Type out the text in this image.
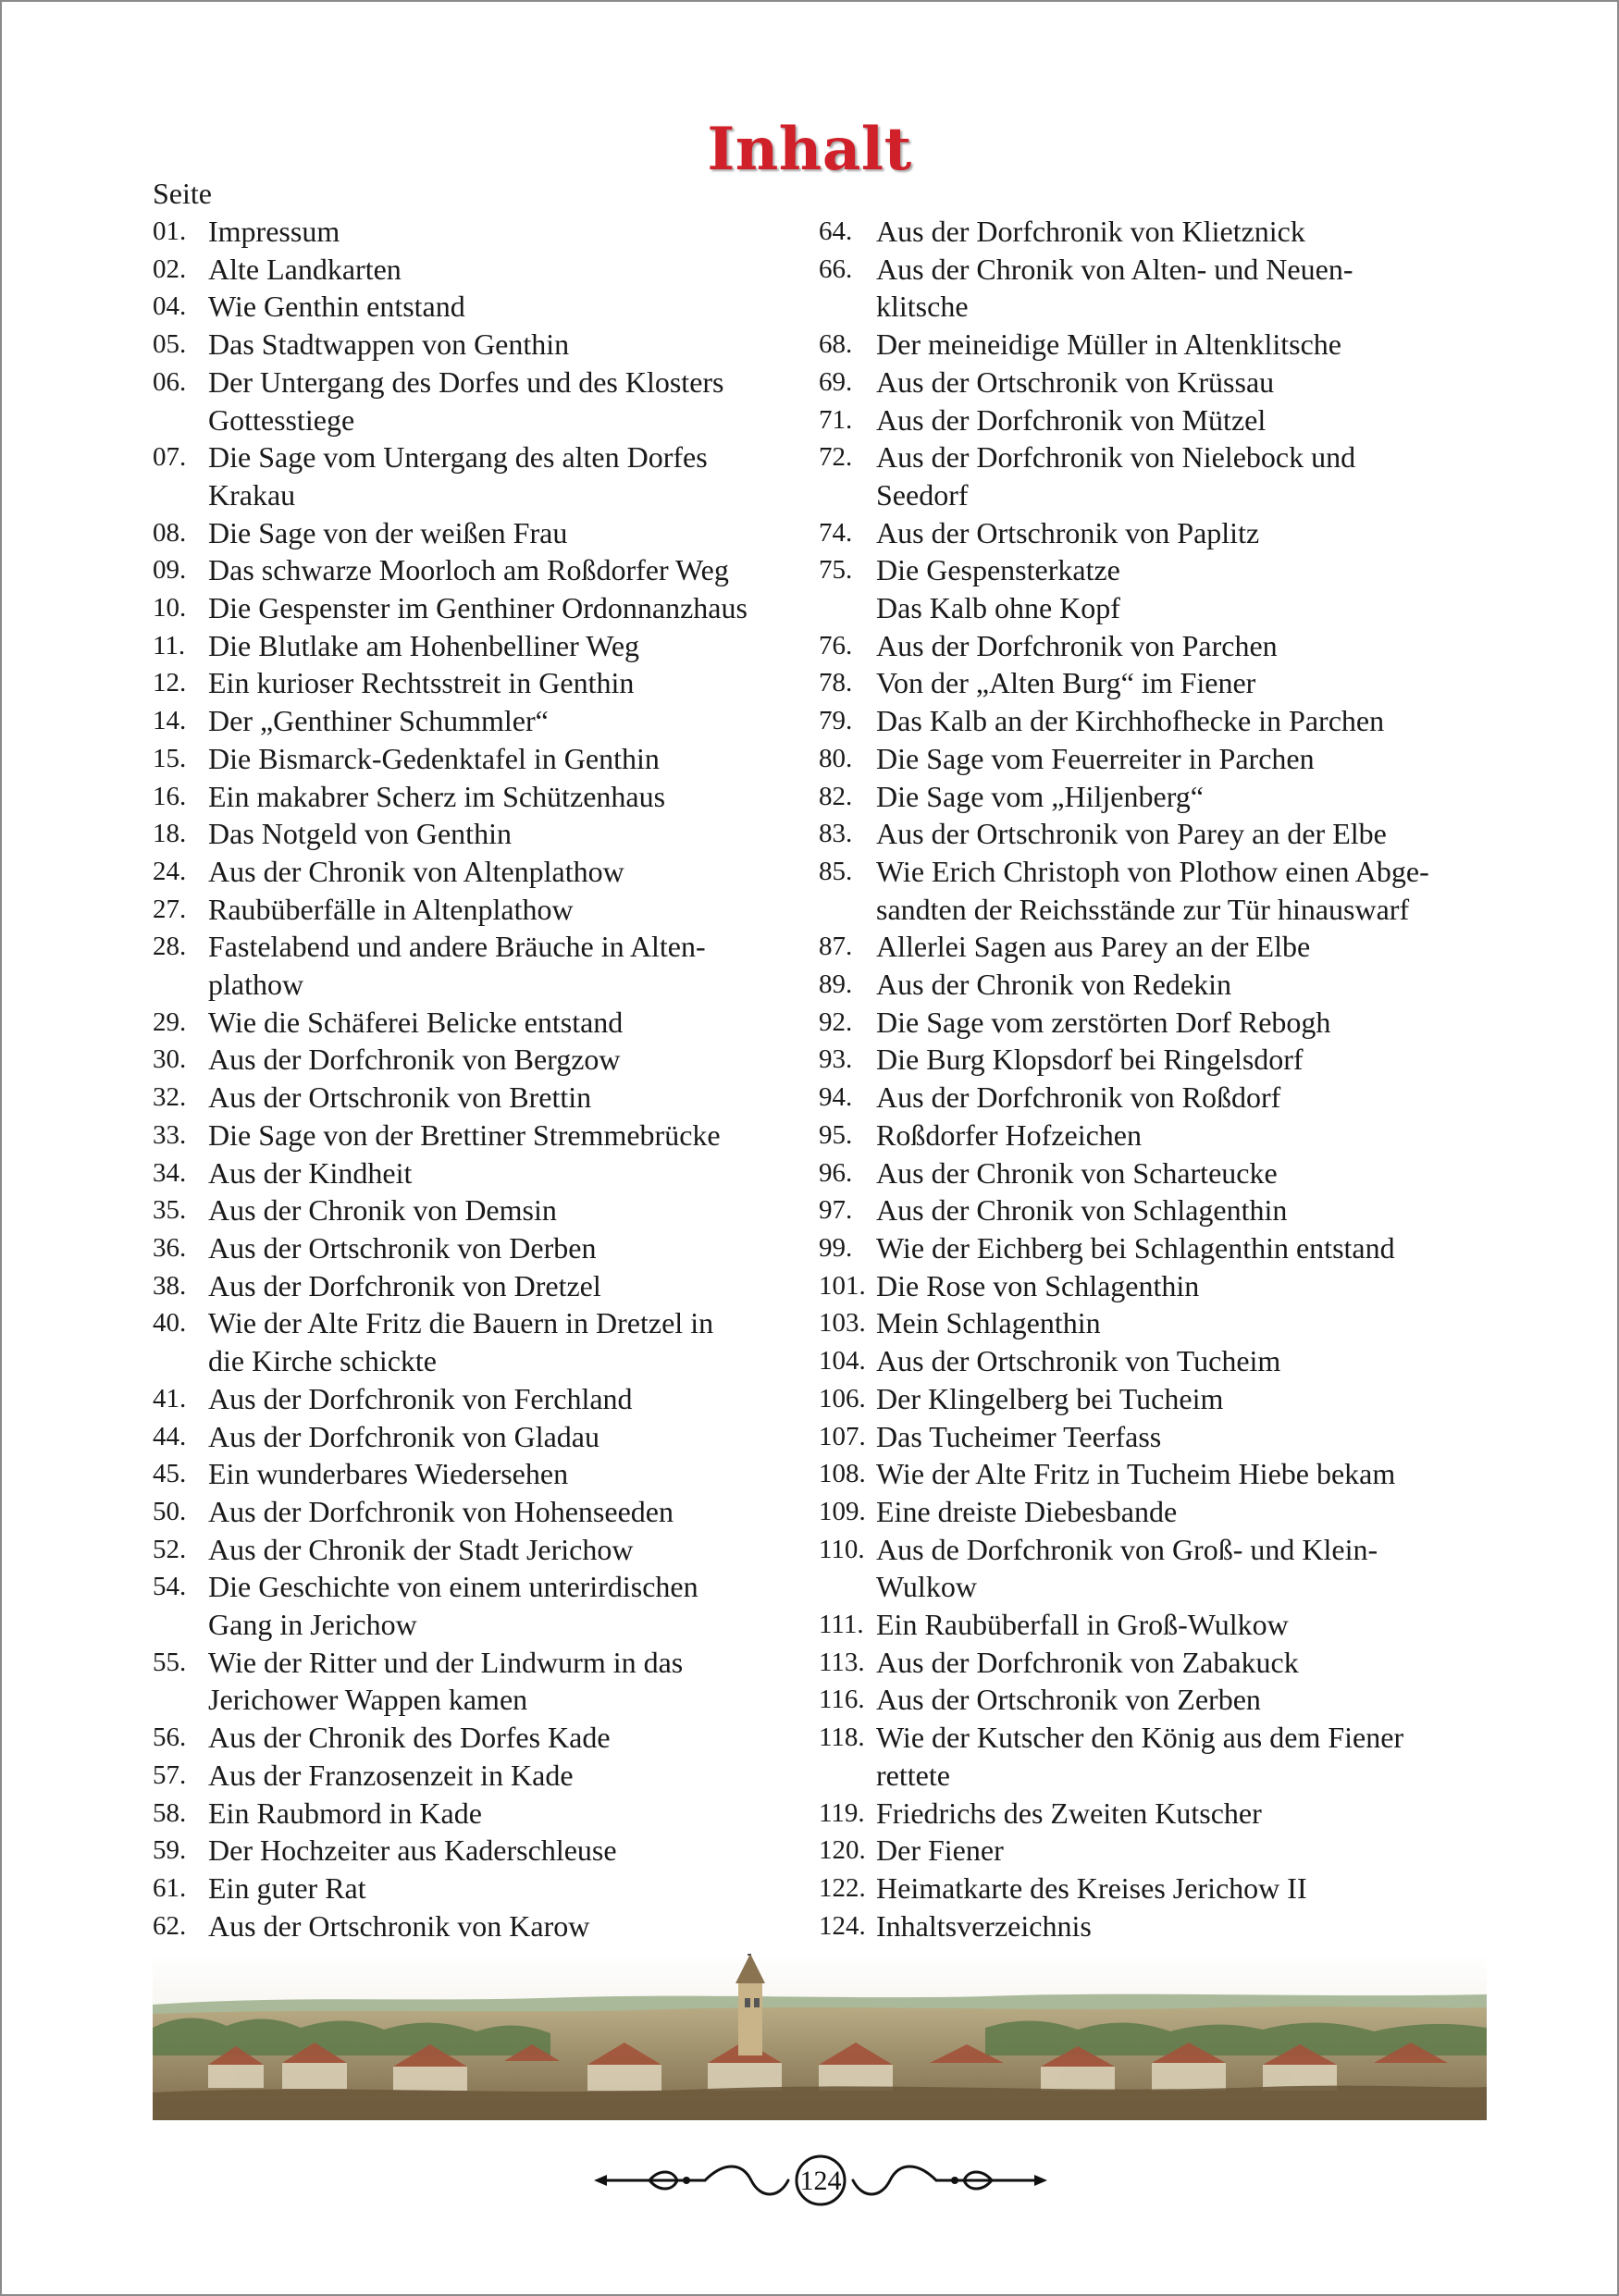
Inhalt
Seite
01. Impressum
02. Alte Landkarten
04. Wie Genthin entstand
05. Das Stadtwappen von Genthin
06. Der Untergang des Dorfes und des Klosters
Gottesstiege
07. Die Sage vom Untergang des alten Dorfes
Krakau
08. Die Sage von der weißen Frau
09. Das schwarze Moorloch am Roßdorfer Weg
10. Die Gespenster im Genthiner Ordonnanzhaus
11. Die Blutlake am Hohenbelliner Weg
12. Ein kurioser Rechtsstreit in Genthin
14. Der „Genthiner Schummler“
15. Die Bismarck-Gedenktafel in Genthin
16. Ein makabrer Scherz im Schützenhaus
18. Das Notgeld von Genthin
24. Aus der Chronik von Altenplathow
27. Raubüberfälle in Altenplathow
28. Fastelabend und andere Bräuche in Alten-
plathow
29. Wie die Schäferei Belicke entstand
30. Aus der Dorfchronik von Bergzow
32. Aus der Ortschronik von Brettin
33. Die Sage von der Brettiner Stremmebrücke
34. Aus der Kindheit
35. Aus der Chronik von Demsin
36. Aus der Ortschronik von Derben
38. Aus der Dorfchronik von Dretzel
40. Wie der Alte Fritz die Bauern in Dretzel in
die Kirche schickte
41. Aus der Dorfchronik von Ferchland
44. Aus der Dorfchronik von Gladau
45. Ein wunderbares Wiedersehen
50. Aus der Dorfchronik von Hohenseeden
52. Aus der Chronik der Stadt Jerichow
54. Die Geschichte von einem unterirdischen
Gang in Jerichow
55. Wie der Ritter und der Lindwurm in das
Jerichower Wappen kamen
56. Aus der Chronik des Dorfes Kade
57. Aus der Franzosenzeit in Kade
58. Ein Raubmord in Kade
59. Der Hochzeiter aus Kaderschleuse
61. Ein guter Rat
62. Aus der Ortschronik von Karow
64. Aus der Dorfchronik von Klietznick
66. Aus der Chronik von Alten- und Neuen-
klitsche
68. Der meineidige Müller in Altenklitsche
69. Aus der Ortschronik von Krüssau
71. Aus der Dorfchronik von Mützel
72. Aus der Dorfchronik von Nielebock und
Seedorf
74. Aus der Ortschronik von Paplitz
75. Die Gespensterkatze
Das Kalb ohne Kopf
76. Aus der Dorfchronik von Parchen
78. Von der „Alten Burg“ im Fiener
79. Das Kalb an der Kirchhofhecke in Parchen
80. Die Sage vom Feuerreiter in Parchen
82. Die Sage vom „Hiljenberg“
83. Aus der Ortschronik von Parey an der Elbe
85. Wie Erich Christoph von Plothow einen Abge-
sandten der Reichsstände zur Tür hinauswarf
87. Allerlei Sagen aus Parey an der Elbe
89. Aus der Chronik von Redekin
92. Die Sage vom zerstörten Dorf Rebogh
93. Die Burg Klopsdorf bei Ringelsdorf
94. Aus der Dorfchronik von Roßdorf
95. Roßdorfer Hofzeichen
96. Aus der Chronik von Scharteucke
97. Aus der Chronik von Schlagenthin
99. Wie der Eichberg bei Schlagenthin entstand
101. Die Rose von Schlagenthin
103. Mein Schlagenthin
104. Aus der Ortschronik von Tucheim
106. Der Klingelberg bei Tucheim
107. Das Tucheimer Teerfass
108. Wie der Alte Fritz in Tucheim Hiebe bekam
109. Eine dreiste Diebesbande
110. Aus de Dorfchronik von Groß- und Klein-
Wulkow
111. Ein Raubüberfall in Groß-Wulkow
113. Aus der Dorfchronik von Zabakuck
116. Aus der Ortschronik von Zerben
118. Wie der Kutscher den König aus dem Fiener
rettete
119. Friedrichs des Zweiten Kutscher
120. Der Fiener
122. Heimatkarte des Kreises Jerichow II
124. Inhaltsverzeichnis
124
